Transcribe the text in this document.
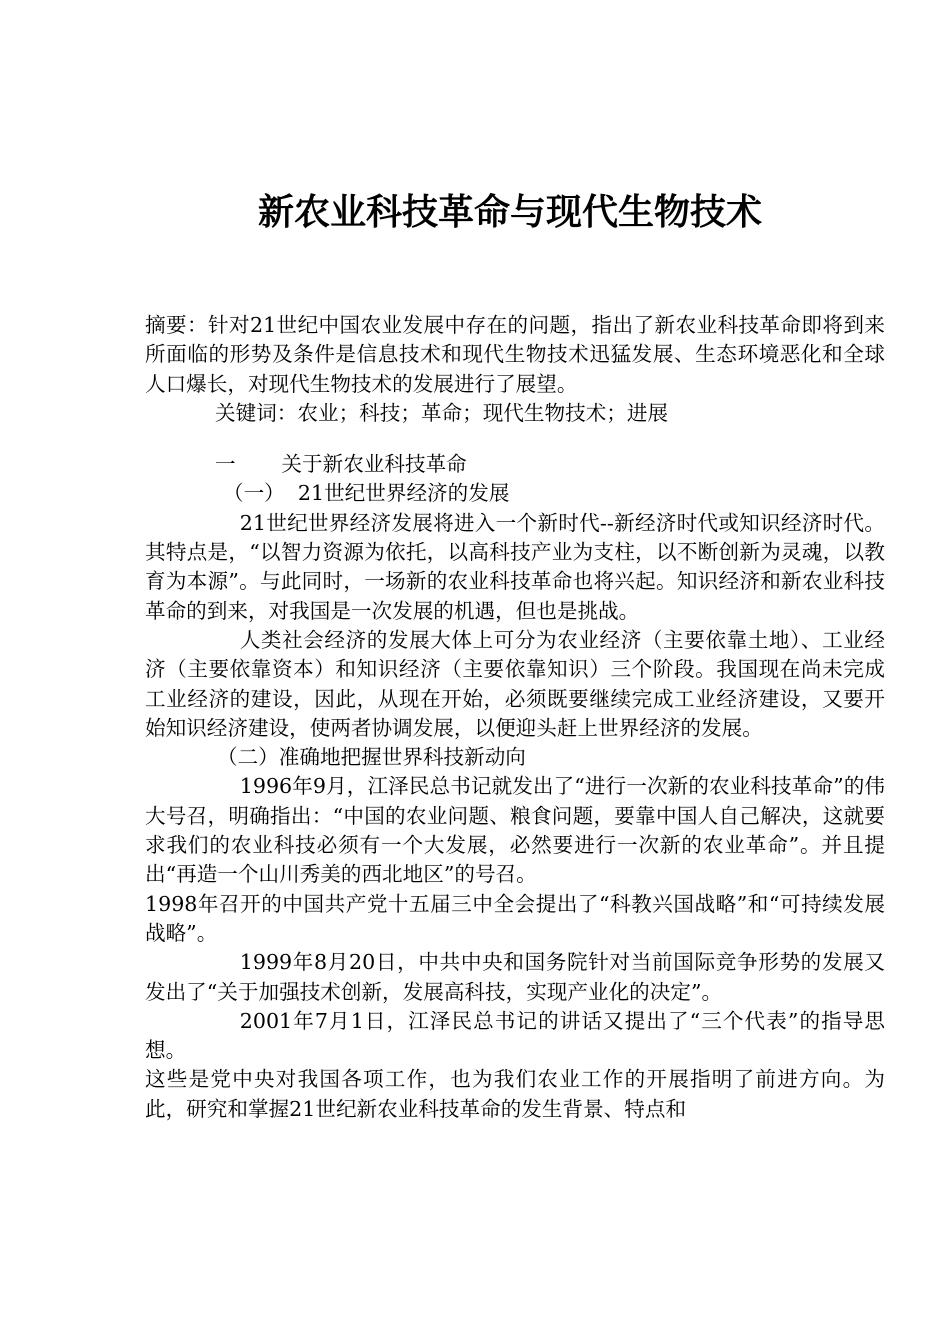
新农业科技革命与现代生物技术

摘要：针对21世纪中国农业发展中存在的问题，指出了新农业科技革命即将到来所面临的形势及条件是信息技术和现代生物技术迅猛发展、生态环境恶化和全球人口爆长，对现代生物技术的发展进行了展望。

关键词：农业；科技；革命；现代生物技术；进展

一 关于新农业科技革命

（一） 21世纪世界经济的发展

21世纪世界经济发展将进入一个新时代--新经济时代或知识经济时代。其特点是，“以智力资源为依托，以高科技产业为支柱，以不断创新为灵魂，以教育为本源”。与此同时，一场新的农业科技革命也将兴起。知识经济和新农业科技革命的到来，对我国是一次发展的机遇，但也是挑战。

人类社会经济的发展大体上可分为农业经济（主要依靠土地）、工业经济（主要依靠资本）和知识经济（主要依靠知识）三个阶段。我国现在尚未完成工业经济的建设，因此，从现在开始，必须既要继续完成工业经济建设，又要开始知识经济建设，使两者协调发展，以便迎头赶上世界经济的发展。

（二）准确地把握世界科技新动向

1996年9月，江泽民总书记就发出了“进行一次新的农业科技革命”的伟大号召，明确指出：“中国的农业问题、粮食问题，要靠中国人自己解决，这就要求我们的农业科技必须有一个大发展，必然要进行一次新的农业革命”。并且提出“再造一个山川秀美的西北地区”的号召。

1998年召开的中国共产党十五届三中全会提出了“科教兴国战略”和“可持续发展战略”。

1999年8月20日，中共中央和国务院针对当前国际竞争形势的发展又发出了“关于加强技术创新，发展高科技，实现产业化的决定”。

2001年7月1日，江泽民总书记的讲话又提出了“三个代表”的指导思想。

这些是党中央对我国各项工作，也为我们农业工作的开展指明了前进方向。为此，研究和掌握21世纪新农业科技革命的发生背景、特点和
